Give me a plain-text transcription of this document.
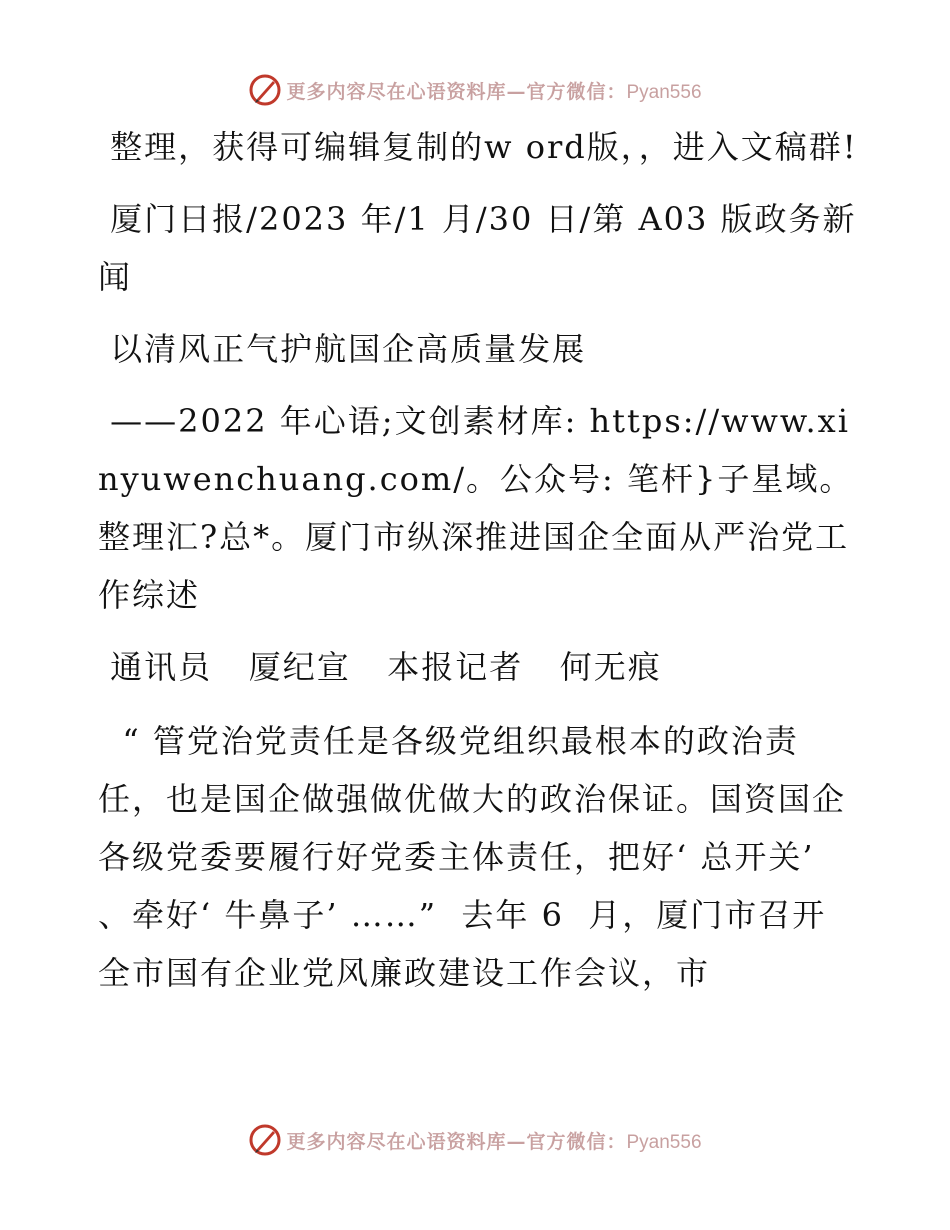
更多内容尽在心语资料库—官方微信：Pyan556

整理，获得可编辑复制的w ord版，，进入文稿群!

厦门日报/2023 年/1 月/30 日/第 A03 版政务新闻

以清风正气护航国企高质量发展

——2022 年心语;文创素材库: https://www.xinyuwenchuang.com/。公众号: 笔杆}子星域。整理汇?总*。厦门市纵深推进国企全面从严治党工作综述

通讯员   厦纪宣   本报记者   何无痕

“ 管党治党责任是各级党组织最根本的政治责任，也是国企做强做优做大的政治保证。国资国企各级党委要履行好党委主体责任，把好‘ 总开关’ 、牵好‘ 牛鼻子’ ……”  去年 6  月，厦门市召开全市国有企业党风廉政建设工作会议，市

更多内容尽在心语资料库—官方微信：Pyan556
